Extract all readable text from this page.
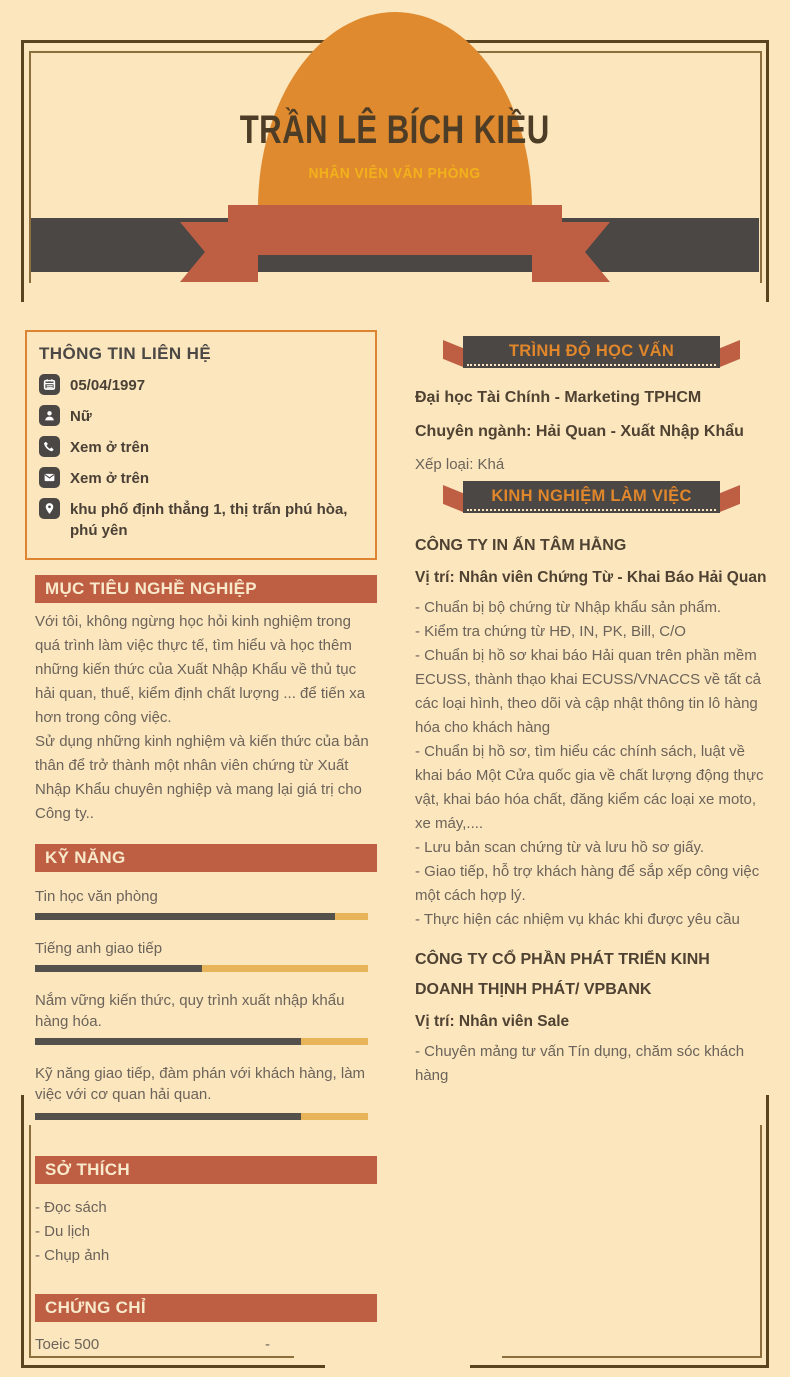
TRẦN LÊ BÍCH KIỀU
NHÂN VIÊN VĂN PHÒNG
THÔNG TIN LIÊN HỆ
05/04/1997
Nữ
Xem ở trên
Xem ở trên
khu phố định thẳng 1, thị trấn phú hòa, phú yên
MỤC TIÊU NGHỀ NGHIỆP

Với tôi, không ngừng học hỏi kinh nghiệm trong quá trình làm việc thực tế, tìm hiểu và học thêm những kiến thức của Xuất Nhập Khẩu về thủ tục hải quan, thuế, kiểm định chất lượng ... để tiến xa hơn trong công việc.

Sử dụng những kinh nghiệm và kiến thức của bản thân để trở thành một nhân viên chứng từ Xuất Nhập Khẩu chuyên nghiệp và mang lại giá trị cho Công ty..

KỸ NĂNG
Tin học văn phòng
Tiếng anh giao tiếp
Nắm vững kiến thức, quy trình xuất nhập khẩu hàng hóa.
Kỹ năng giao tiếp, đàm phán với khách hàng, làm việc với cơ quan hải quan.
SỞ THÍCH
- Đọc sách
- Du lịch
- Chụp ảnh
CHỨNG CHỈ
Toeic 500	-
TRÌNH ĐỘ HỌC VẤN

Đại học Tài Chính - Marketing TPHCM

Chuyên ngành: Hải Quan - Xuất Nhập Khẩu

Xếp loại: Khá

KINH NGHIỆM LÀM VIỆC

CÔNG TY IN ẤN TÂM HẰNG

Vị trí: Nhân viên Chứng Từ - Khai Báo Hải Quan

- Chuẩn bị bộ chứng từ Nhập khẩu sản phẩm.

- Kiểm tra chứng từ HĐ, IN, PK, Bill, C/O

- Chuẩn bị hồ sơ khai báo Hải quan trên phần mềm ECUSS, thành thạo khai ECUSS/VNACCS về tất cả các loại hình, theo dõi và cập nhật thông tin lô hàng hóa cho khách hàng

- Chuẩn bị hồ sơ, tìm hiểu các chính sách, luật về khai báo Một Cửa quốc gia về chất lượng động thực vật, khai báo hóa chất, đăng kiểm các loại xe moto, xe máy,....

- Lưu bản scan chứng từ và lưu hồ sơ giấy.

- Giao tiếp, hỗ trợ khách hàng để sắp xếp công việc một cách hợp lý.

- Thực hiện các nhiệm vụ khác khi được yêu cầu

CÔNG TY CỔ PHẦN PHÁT TRIỂN KINH DOANH THỊNH PHÁT/ VPBANK

Vị trí: Nhân viên Sale

- Chuyên mảng tư vấn Tín dụng, chăm sóc khách hàng
